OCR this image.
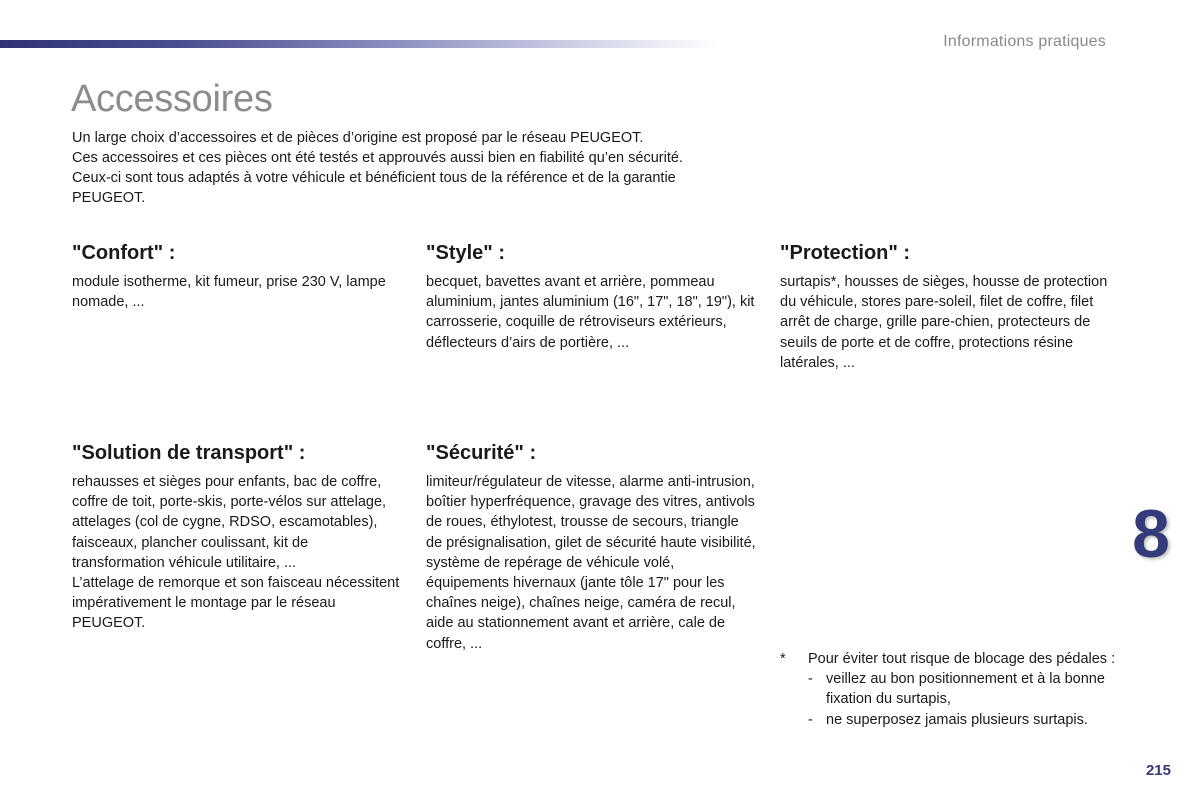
Informations pratiques
Accessoires

Un large choix d’accessoires et de pièces d’origine est proposé par le réseau PEUGEOT.

Ces accessoires et ces pièces ont été testés et approuvés aussi bien en fiabilité qu’en sécurité.

Ceux-ci sont tous adaptés à votre véhicule et bénéficient tous de la référence et de la garantie PEUGEOT.

"Confort" :

module isotherme, kit fumeur, prise 230 V, lampe nomade, ...

"Style" :

becquet, bavettes avant et arrière, pommeau aluminium, jantes aluminium (16", 17", 18", 19"), kit carrosserie, coquille de rétroviseurs extérieurs, déflecteurs d’airs de portière, ...

"Protection" :

surtapis*, housses de sièges, housse de protection du véhicule, stores pare-soleil, filet de coffre, filet arrêt de charge, grille pare-chien, protecteurs de seuils de porte et de coffre, protections résine latérales, ...

"Solution de transport" :

rehausses et sièges pour enfants, bac de coffre, coffre de toit, porte-skis, porte-vélos sur attelage, attelages (col de cygne, RDSO, escamotables), faisceaux, plancher coulissant, kit de transformation véhicule utilitaire, ...

L’attelage de remorque et son faisceau nécessitent impérativement le montage par le réseau PEUGEOT.

"Sécurité" :

limiteur/régulateur de vitesse, alarme anti-intrusion, boîtier hyperfréquence, gravage des vitres, antivols de roues, éthylotest, trousse de secours, triangle de présignalisation, gilet de sécurité haute visibilité, système de repérage de véhicule volé, équipements hivernaux (jante tôle 17" pour les chaînes neige), chaînes neige, caméra de recul, aide au stationnement avant et arrière, cale de coffre, ...

8
*	Pour éviter tout risque de blocage des pédales :
- veillez au bon positionnement et à la bonne fixation du surtapis,
- ne superposez jamais plusieurs surtapis.
215
